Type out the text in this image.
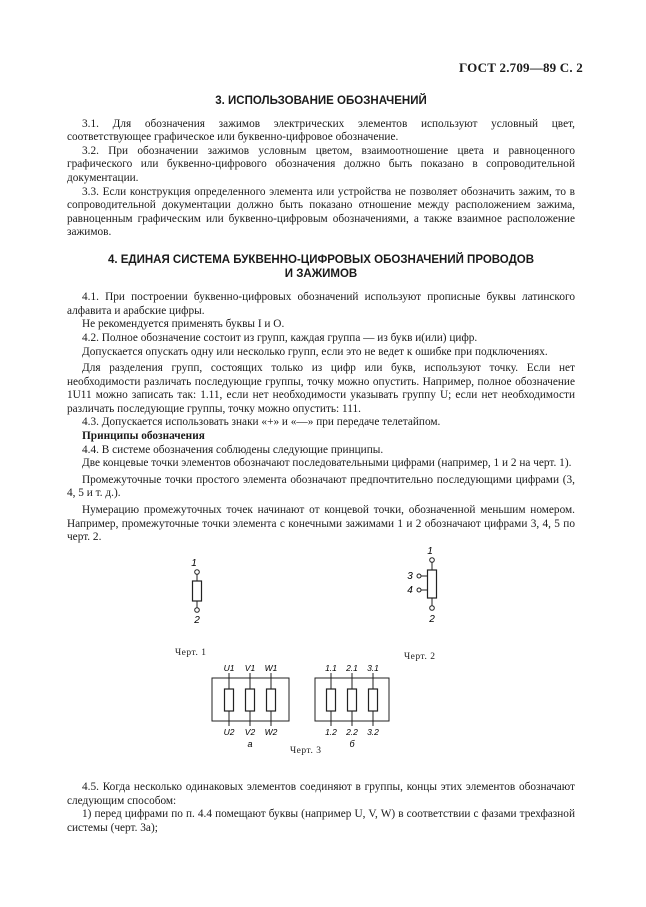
ГОСТ 2.709—89 С. 2

3. ИСПОЛЬЗОВАНИЕ ОБОЗНАЧЕНИЙ

3.1. Для обозначения зажимов электрических элементов используют условный цвет, соответствующее графическое или буквенно-цифровое обозначение.

3.2. При обозначении зажимов условным цветом, взаимоотношение цвета и равноценного графического или буквенно-цифрового обозначения должно быть показано в сопроводительной документации.

3.3. Если конструкция определенного элемента или устройства не позволяет обозначить зажим, то в сопроводительной документации должно быть показано отношение между расположением зажима, равноценным графическим или буквенно-цифровым обозначениями, а также взаимное расположение зажимов.

4. ЕДИНАЯ СИСТЕМА БУКВЕННО-ЦИФРОВЫХ ОБОЗНАЧЕНИЙ ПРОВОДОВ

И ЗАЖИМОВ

4.1. При построении буквенно-цифровых обозначений используют прописные буквы латинского алфавита и арабские цифры.

Не рекомендуется применять буквы I и O.

4.2. Полное обозначение состоит из групп, каждая группа — из букв и(или) цифр.

Допускается опускать одну или несколько групп, если это не ведет к ошибке при подключениях.

Для разделения групп, состоящих только из цифр или букв, используют точку. Если нет необходимости различать последующие группы, точку можно опустить. Например, полное обозначение 1U11 можно записать так: 1.11, если нет необходимости указывать группу U; если нет необходимости различать последующие группы, точку можно опустить: 111.

4.3. Допускается использовать знаки «+» и «—» при передаче телетайпом.

Принципы обозначения

4.4. В системе обозначения соблюдены следующие принципы.

Две концевые точки элементов обозначают последовательными цифрами (например, 1 и 2 на черт. 1).

Промежуточные точки простого элемента обозначают предпочтительно последующими цифрами (3, 4, 5 и т. д.).

Нумерацию промежуточных точек начинают от концевой точки, обозначенной меньшим номером. Например, промежуточные точки элемента с конечными зажимами 1 и 2 обозначают цифрами 3, 4, 5 по черт. 2.

1
2
Черт. 1
1
2
3
4
Черт. 2
U1 V1 W1
U2 V2 W2
а
1.1 2.1 3.1
1.2 2.2 3.2
б
Черт. 3

4.5. Когда несколько одинаковых элементов соединяют в группы, концы этих элементов обозначают следующим способом:

1) перед цифрами по п. 4.4 помещают буквы (например U, V, W) в соответствии с фазами трехфазной системы (черт. 3а);
